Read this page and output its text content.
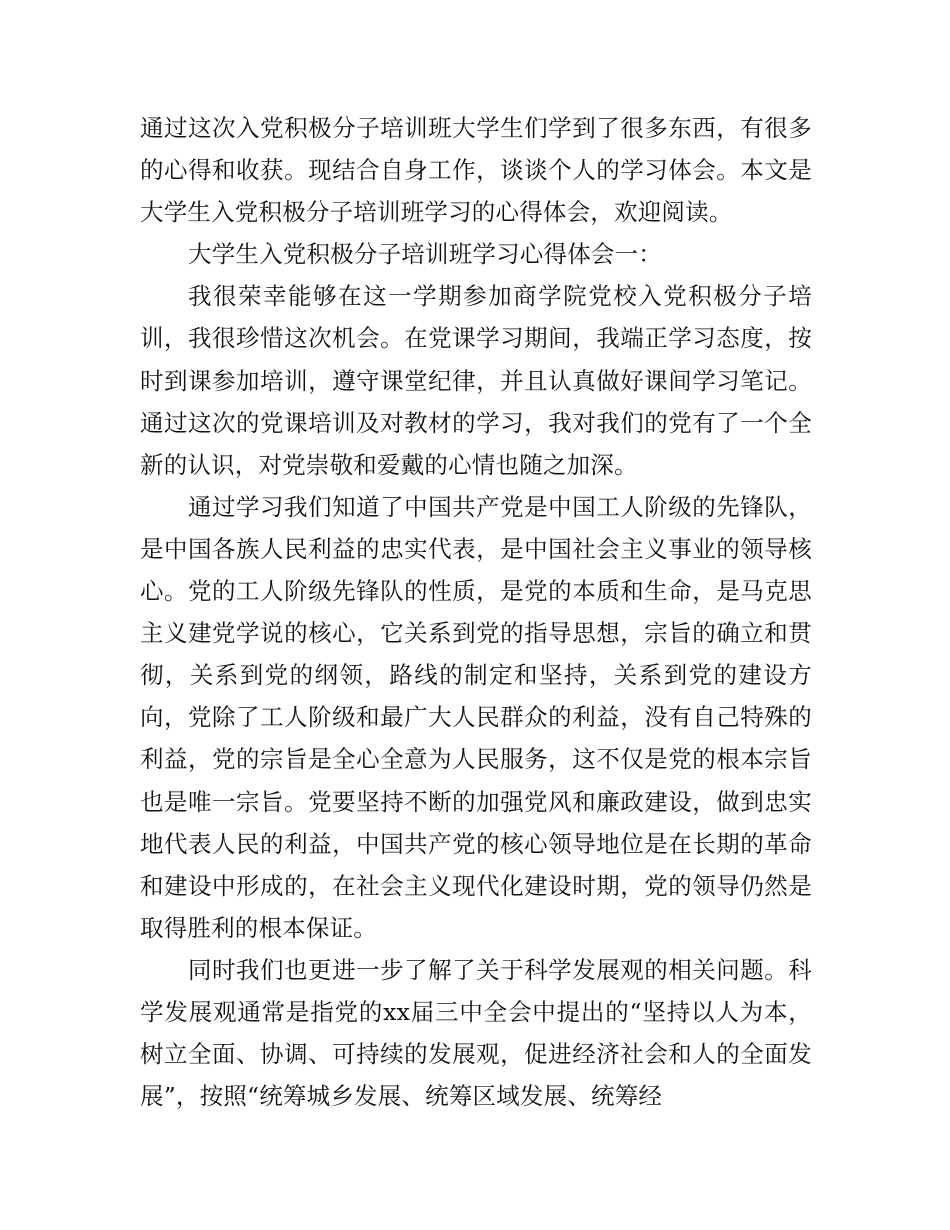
通过这次入党积极分子培训班大学生们学到了很多东西，有很多的心得和收获。现结合自身工作，谈谈个人的学习体会。本文是大学生入党积极分子培训班学习的心得体会，欢迎阅读。

大学生入党积极分子培训班学习心得体会一：

我很荣幸能够在这一学期参加商学院党校入党积极分子培训，我很珍惜这次机会。在党课学习期间，我端正学习态度，按时到课参加培训，遵守课堂纪律，并且认真做好课间学习笔记。通过这次的党课培训及对教材的学习，我对我们的党有了一个全新的认识，对党崇敬和爱戴的心情也随之加深。

通过学习我们知道了中国共产党是中国工人阶级的先锋队，是中国各族人民利益的忠实代表，是中国社会主义事业的领导核心。党的工人阶级先锋队的性质，是党的本质和生命，是马克思主义建党学说的核心，它关系到党的指导思想，宗旨的确立和贯彻，关系到党的纲领，路线的制定和坚持，关系到党的建设方向，党除了工人阶级和最广大人民群众的利益，没有自己特殊的利益，党的宗旨是全心全意为人民服务，这不仅是党的根本宗旨也是唯一宗旨。党要坚持不断的加强党风和廉政建设，做到忠实地代表人民的利益，中国共产党的核心领导地位是在长期的革命和建设中形成的，在社会主义现代化建设时期，党的领导仍然是取得胜利的根本保证。

同时我们也更进一步了解了关于科学发展观的相关问题。科学发展观通常是指党的xx届三中全会中提出的“坚持以人为本，树立全面、协调、可持续的发展观，促进经济社会和人的全面发展”，按照“统筹城乡发展、统筹区域发展、统筹经
